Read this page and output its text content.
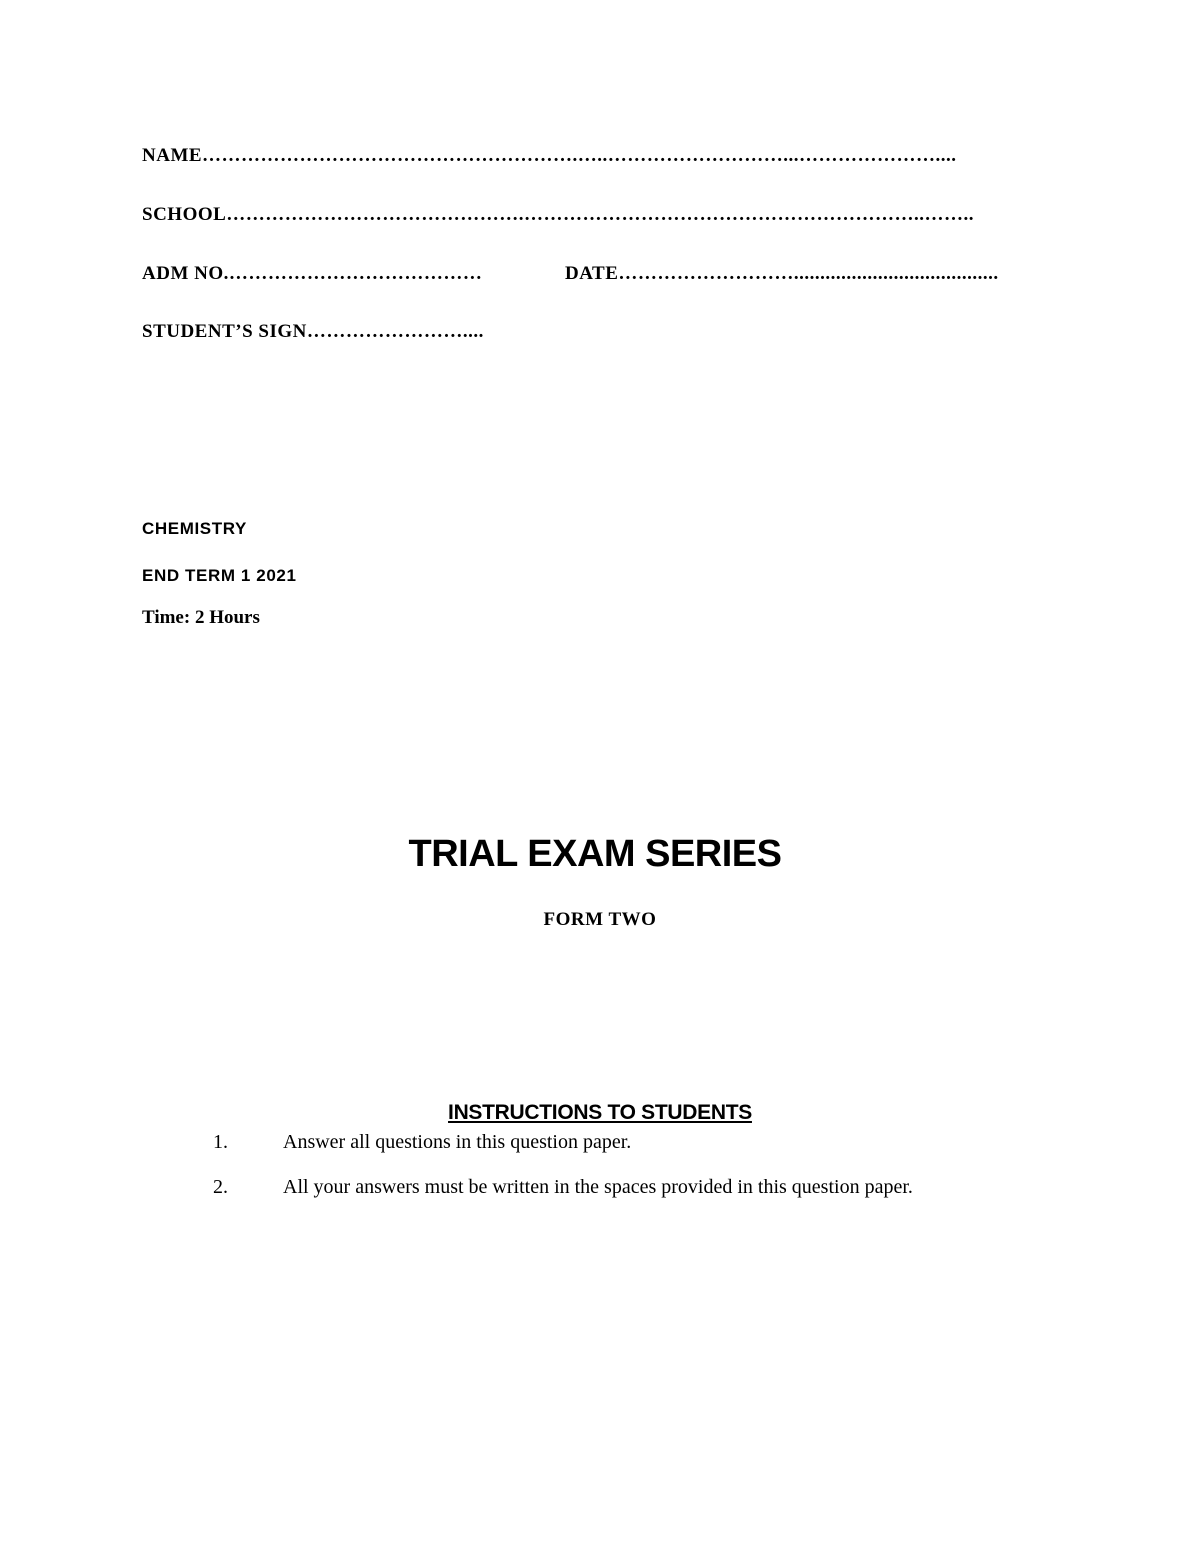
NAME………………………………………………….…..………………………...…………………....
SCHOOL……………………………………….……………………………………………………..……..
ADM NO.…………………………………	DATE……………………….......................................
STUDENT’S SIGN……………………....
CHEMISTRY
END TERM 1 2021
Time: 2 Hours
TRIAL EXAM SERIES
FORM TWO
INSTRUCTIONS TO STUDENTS
1.	Answer all questions in this question paper.
2.	All your answers must be written in the spaces provided in this question paper.
